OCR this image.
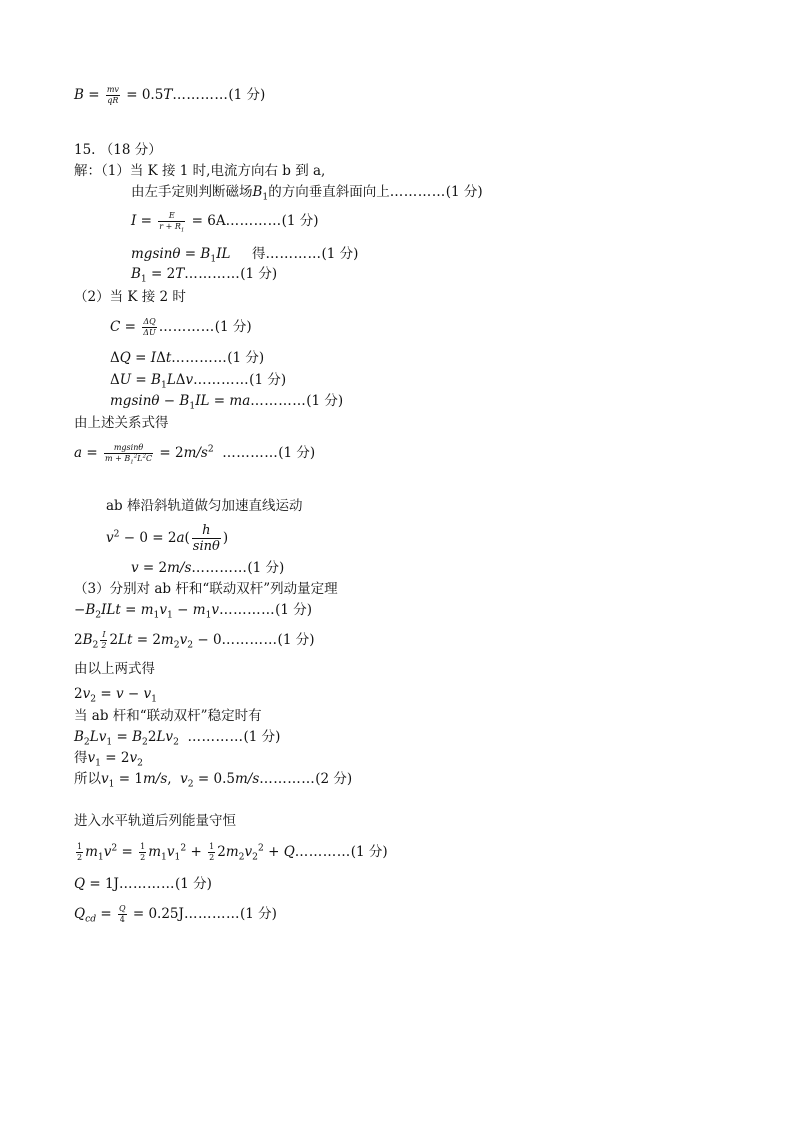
$B = \frac{mv}{qR}$ = 0.5T…………(1 分)
15. （18 分）
解：（1）当 K 接 1 时,电流方向右 b 到 a,
由左手定则判断磁场$B_1$的方向垂直斜面向上…………(1 分)
$I = \frac{E}{r + R_1}$ = 6A…………(1 分)
$mgsin\theta = B_1IL$     得…………(1 分)
$B_1$ = 2T…………(1 分)
（2）当 K 接 2 时
$C = \frac{\Delta Q}{\Delta U}$ …………(1 分)
ΔQ = IΔt…………(1 分)
$\Delta U = B_1L\Delta v\dots\dots\dots\dots(1$ 分)
$mgsin\theta - B_1IL$ = ma…………(1 分)
由上述关系式得
$a = \frac{mgsin\theta}{m + B_1^2L^2C} = 2m/s^2$ …………(1 分)
ab 棒沿斜轨道做匀加速直线运动
$v^2 - 0 = 2a( \frac{h}{\sin\theta}$ )
v = 2m/s…………(1 分)
（3）分别对 ab 杆和“联动双杆”列动量定理
$-B_2ILt = m_1v_1$ − $m_1v\dots\dots\dots\dots(1$ 分)
$2B_2 \frac{I}{2} 2Lt = 2m_2v_2$ − 0…………(1 分)
由以上两式得
$2v_2 = v - v_1$
当 ab 杆和“联动双杆”稳定时有
$B_2Lv_1 = B_22Lv_2$ …………(1 分)
得$v_1 = 2v_2$
所以$v_1 = 1m/s$,  $v_2$ = 0.5m/s…………(2 分)
进入水平轨道后列能量守恒
$\frac{1}{2} m_1v^2 = \frac{1}{2} m_1v_1^2 + \frac{1}{2} 2m_2v_2^2$ + Q…………(1 分)
Q = 1J…………(1 分)
$Q_{cd} = \frac{Q}{4}$ = 0.25J…………(1 分)
